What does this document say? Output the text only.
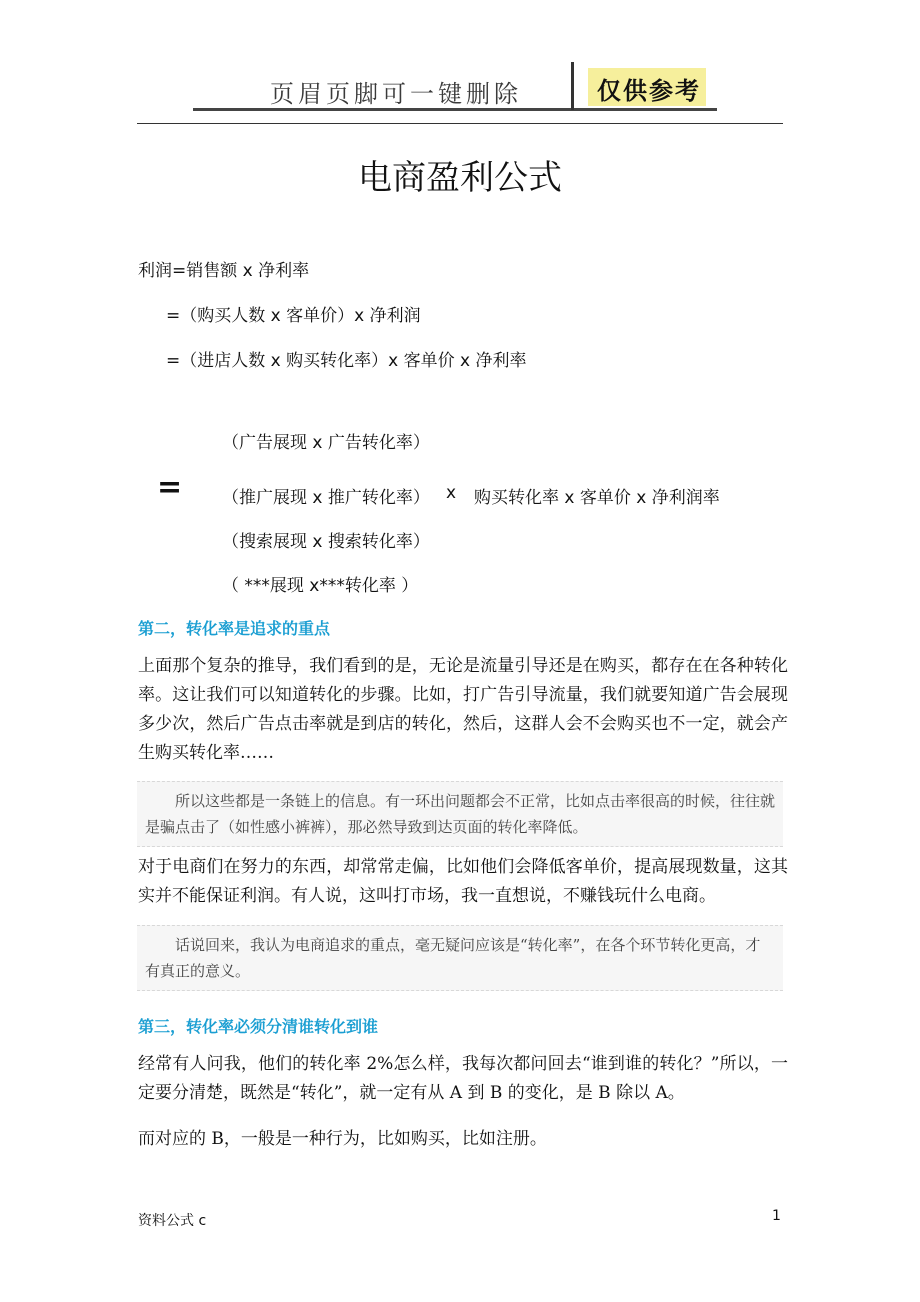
页眉页脚可一键删除	仅供参考
电商盈利公式
利润=销售额 x 净利率
=（购买人数 x 客单价）x 净利润
=（进店人数 x 购买转化率）x 客单价 x 净利率
（广告展现 x 广告转化率）
= （推广展现 x 推广转化率） x 购买转化率 x 客单价 x 净利润率
（搜索展现 x 搜索转化率）
（ ***展现 x***转化率 ）
第二，转化率是追求的重点
上面那个复杂的推导，我们看到的是，无论是流量引导还是在购买，都存在在各种转化率。这让我们可以知道转化的步骤。比如，打广告引导流量，我们就要知道广告会展现多少次，然后广告点击率就是到店的转化，然后，这群人会不会购买也不一定，就会产生购买转化率……
所以这些都是一条链上的信息。有一环出问题都会不正常，比如点击率很高的时候，往往就是骗点击了（如性感小裤裤），那必然导致到达页面的转化率降低。
对于电商们在努力的东西，却常常走偏，比如他们会降低客单价，提高展现数量，这其实并不能保证利润。有人说，这叫打市场，我一直想说，不赚钱玩什么电商。
话说回来，我认为电商追求的重点，毫无疑问应该是“转化率”，在各个环节转化更高，才有真正的意义。
第三，转化率必须分清谁转化到谁
经常有人问我，他们的转化率 2%怎么样，我每次都问回去“谁到谁的转化？”所以，一定要分清楚，既然是“转化”，就一定有从 A 到 B 的变化，是 B 除以 A。
而对应的 B，一般是一种行为，比如购买，比如注册。
资料公式 c	1
